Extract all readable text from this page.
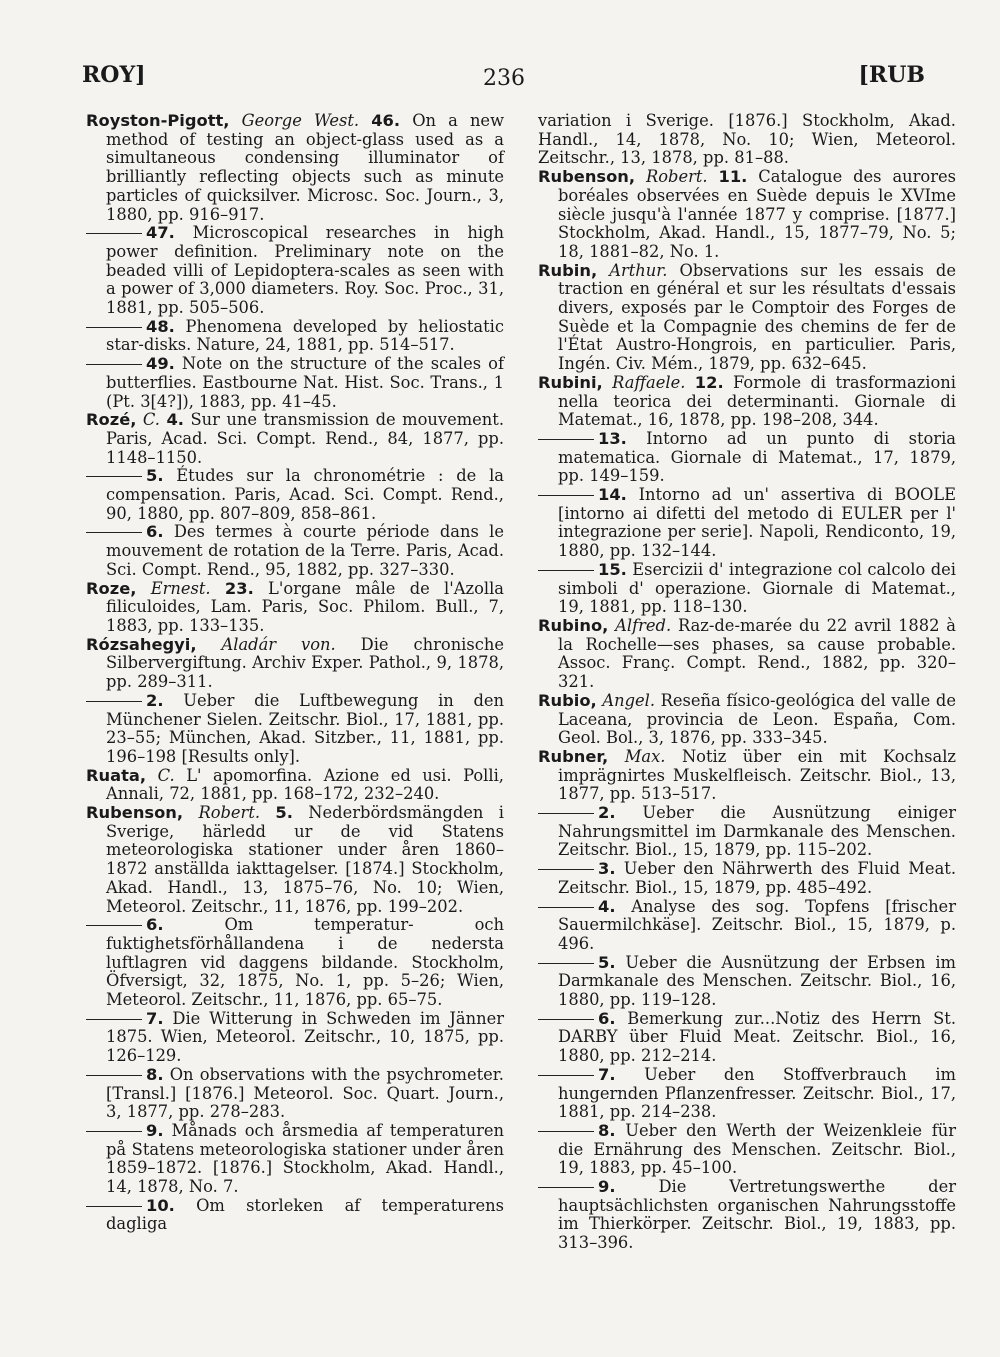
ROY]	236	[RUB

Royston-Pigott, George West. 46. On a new method of testing an object-glass used as a simultaneous condensing illuminator of brilliantly reflecting objects such as minute particles of quicksilver. Microsc. Soc. Journ., 3, 1880, pp. 916–917.

47. Microscopical researches in high power definition. Preliminary note on the beaded villi of Lepidoptera-scales as seen with a power of 3,000 diameters. Roy. Soc. Proc., 31, 1881, pp. 505–506.

48. Phenomena developed by heliostatic star-disks. Nature, 24, 1881, pp. 514–517.

49. Note on the structure of the scales of butterflies. Eastbourne Nat. Hist. Soc. Trans., 1 (Pt. 3[4?]), 1883, pp. 41–45.

Rozé, C. 4. Sur une transmission de mouvement. Paris, Acad. Sci. Compt. Rend., 84, 1877, pp. 1148–1150.

5. Études sur la chronométrie : de la compensation. Paris, Acad. Sci. Compt. Rend., 90, 1880, pp. 807–809, 858–861.

6. Des termes à courte période dans le mouvement de rotation de la Terre. Paris, Acad. Sci. Compt. Rend., 95, 1882, pp. 327–330.

Roze, Ernest. 23. L'organe mâle de l'Azolla filiculoides, Lam. Paris, Soc. Philom. Bull., 7, 1883, pp. 133–135.

Rózsahegyi, Aladár von. Die chronische Silbervergiftung. Archiv Exper. Pathol., 9, 1878, pp. 289–311.

2. Ueber die Luftbewegung in den Münchener Sielen. Zeitschr. Biol., 17, 1881, pp. 23–55; München, Akad. Sitzber., 11, 1881, pp. 196–198 [Results only].

Ruata, C. L' apomorfina. Azione ed usi. Polli, Annali, 72, 1881, pp. 168–172, 232–240.

Rubenson, Robert. 5. Nederbördsmängden i Sverige, härledd ur de vid Statens meteorologiska stationer under åren 1860–1872 anställda iakttagelser. [1874.] Stockholm, Akad. Handl., 13, 1875–76, No. 10; Wien, Meteorol. Zeitschr., 11, 1876, pp. 199–202.

6.	Om temperatur- och fuktighetsförhållandena i de nedersta luftlagren vid daggens bildande. Stockholm, Öfversigt, 32, 1875, No. 1, pp. 5–26; Wien, Meteorol. Zeitschr., 11, 1876, pp. 65–75.

7. Die Witterung in Schweden im Jänner 1875. Wien, Meteorol. Zeitschr., 10, 1875, pp. 126–129.

8. On observations with the psychrometer. [Transl.] [1876.] Meteorol. Soc. Quart. Journ., 3, 1877, pp. 278–283.

9. Månads och årsmedia af temperaturen på Statens meteorologiska stationer under åren 1859–1872. [1876.] Stockholm, Akad. Handl., 14, 1878, No. 7.

10. Om storleken af temperaturens dagliga

variation i Sverige. [1876.] Stockholm, Akad. Handl., 14, 1878, No. 10; Wien, Meteorol. Zeitschr., 13, 1878, pp. 81–88.

Rubenson, Robert. 11. Catalogue des aurores boréales observées en Suède depuis le XVIme siècle jusqu'à l'année 1877 y comprise. [1877.] Stockholm, Akad. Handl., 15, 1877–79, No. 5; 18, 1881–82, No. 1.

Rubin, Arthur. Observations sur les essais de traction en général et sur les résultats d'essais divers, exposés par le Comptoir des Forges de Suède et la Compagnie des chemins de fer de l'État Austro-Hongrois, en particulier. Paris, Ingén. Civ. Mém., 1879, pp. 632–645.

Rubini, Raffaele. 12. Formole di trasformazioni nella teorica dei determinanti. Giornale di Matemat., 16, 1878, pp. 198–208, 344.

13. Intorno ad un punto di storia matematica. Giornale di Matemat., 17, 1879, pp. 149–159.

14. Intorno ad un' assertiva di BOOLE [intorno ai difetti del metodo di EULER per l' integrazione per serie]. Napoli, Rendiconto, 19, 1880, pp. 132–144.

15. Esercizii d' integrazione col calcolo dei simboli d' operazione. Giornale di Matemat., 19, 1881, pp. 118–130.

Rubino, Alfred. Raz-de-marée du 22 avril 1882 à la Rochelle—ses phases, sa cause probable. Assoc. Franç. Compt. Rend., 1882, pp. 320–321.

Rubio, Angel. Reseña físico-geológica del valle de Laceana, provincia de Leon. España, Com. Geol. Bol., 3, 1876, pp. 333–345.

Rubner, Max. Notiz über ein mit Kochsalz imprägnirtes Muskelfleisch. Zeitschr. Biol., 13, 1877, pp. 513–517.

2. Ueber die Ausnützung einiger Nahrungsmittel im Darmkanale des Menschen. Zeitschr. Biol., 15, 1879, pp. 115–202.

3. Ueber den Nährwerth des Fluid Meat. Zeitschr. Biol., 15, 1879, pp. 485–492.

4. Analyse des sog. Topfens [frischer Sauermilchkäse]. Zeitschr. Biol., 15, 1879, p. 496.

5. Ueber die Ausnützung der Erbsen im Darmkanale des Menschen. Zeitschr. Biol., 16, 1880, pp. 119–128.

6. Bemerkung zur...Notiz des Herrn St. DARBY über Fluid Meat. Zeitschr. Biol., 16, 1880, pp. 212–214.

7. Ueber den Stoffverbrauch im hungernden Pflanzenfresser. Zeitschr. Biol., 17, 1881, pp. 214–238.

8. Ueber den Werth der Weizenkleie für die Ernährung des Menschen. Zeitschr. Biol., 19, 1883, pp. 45–100.

9.	Die Vertretungswerthe der hauptsächlichsten organischen Nahrungsstoffe im Thierkörper. Zeitschr. Biol., 19, 1883, pp. 313–396.
